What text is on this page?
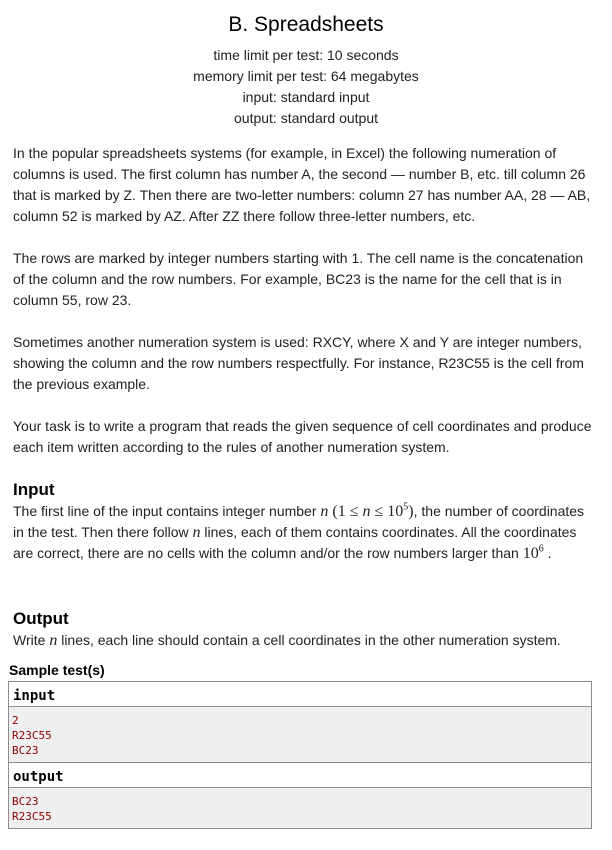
B. Spreadsheets
time limit per test: 10 seconds
memory limit per test: 64 megabytes
input: standard input
output: standard output

In the popular spreadsheets systems (for example, in Excel) the following numeration of columns is used. The first column has number A, the second — number B, etc. till column 26 that is marked by Z. Then there are two-letter numbers: column 27 has number AA, 28 — AB, column 52 is marked by AZ. After ZZ there follow three-letter numbers, etc.

The rows are marked by integer numbers starting with 1. The cell name is the concatenation of the column and the row numbers. For example, BC23 is the name for the cell that is in column 55, row 23.

Sometimes another numeration system is used: RXCY, where X and Y are integer numbers, showing the column and the row numbers respectfully. For instance, R23C55 is the cell from the previous example.

Your task is to write a program that reads the given sequence of cell coordinates and produce each item written according to the rules of another numeration system.

Input

The first line of the input contains integer number n $(1 \le n \le 10^5)$, the number of coordinates in the test. Then there follow n lines, each of them contains coordinates. All the coordinates are correct, there are no cells with the column and/or the row numbers larger than $10^6$ .

Output

Write n lines, each line should contain a cell coordinates in the other numeration system.

Sample test(s)
input
2
R23C55
BC23
output
BC23
R23C55
